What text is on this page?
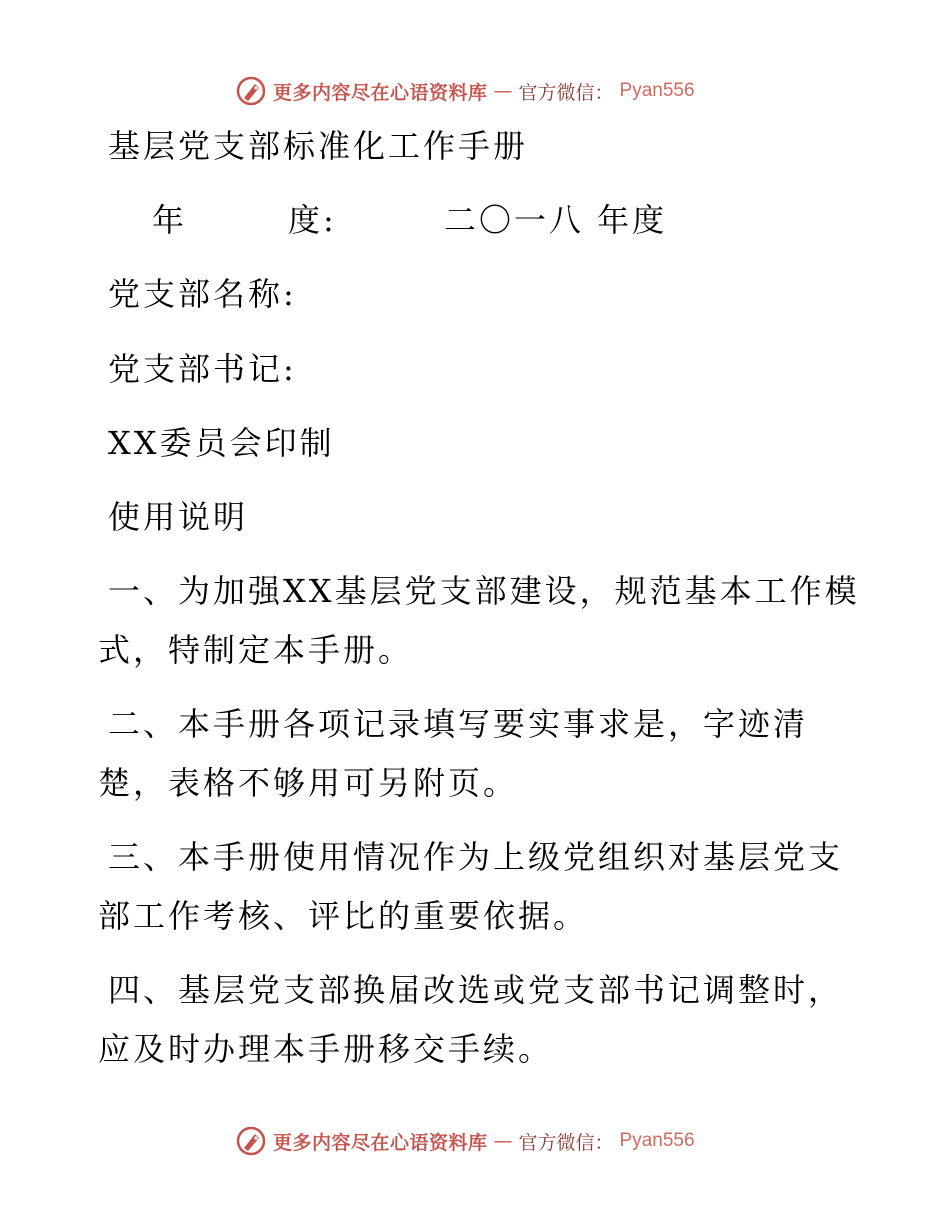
更多内容尽在心语资料库 — 官方微信： Pyan556
基层党支部标准化工作手册
年	度:	二〇一八 年度
党支部名称:
党支部书记:
XX委员会印制
使用说明
一、为加强XX基层党支部建设，规范基本工作模
式，特制定本手册。
二、本手册各项记录填写要实事求是，字迹清
楚，表格不够用可另附页。
三、本手册使用情况作为上级党组织对基层党支
部工作考核、评比的重要依据。
四、基层党支部换届改选或党支部书记调整时，
应及时办理本手册移交手续。
更多内容尽在心语资料库 — 官方微信： Pyan556
